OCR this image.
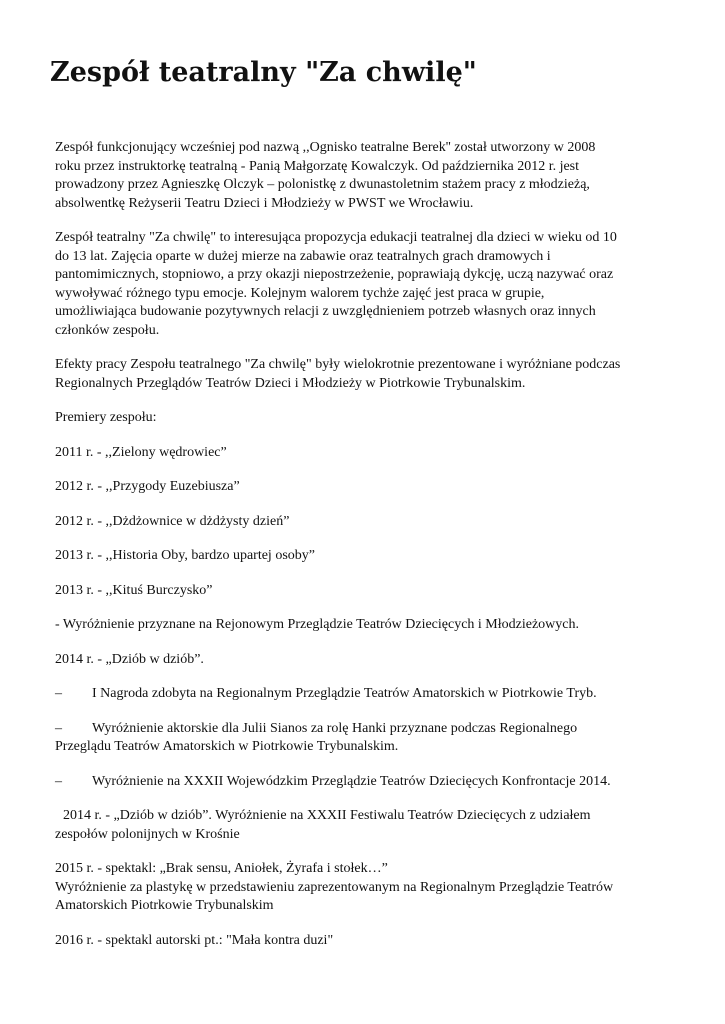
Zespół teatralny "Za chwilę"

Zespół funkcjonujący wcześniej pod nazwą ,,Ognisko teatralne Berek'' został utworzony w 2008
roku przez instruktorkę teatralną - Panią Małgorzatę Kowalczyk. Od października 2012 r. jest
prowadzony przez Agnieszkę Olczyk – polonistkę z dwunastoletnim stażem pracy z młodzieżą,
absolwentkę Reżyserii Teatru Dzieci i Młodzieży w PWST we Wrocławiu.

Zespół teatralny "Za chwilę" to interesująca propozycja edukacji teatralnej dla dzieci w wieku od 10
do 13 lat. Zajęcia oparte w dużej mierze na zabawie oraz teatralnych grach dramowych i
pantomimicznych, stopniowo, a przy okazji niepostrzeżenie, poprawiają dykcję, uczą nazywać oraz
wywoływać różnego typu emocje. Kolejnym walorem tychże zajęć jest praca w grupie,
umożliwiająca budowanie pozytywnych relacji z uwzględnieniem potrzeb własnych oraz innych
członków zespołu.

Efekty pracy Zespołu teatralnego "Za chwilę" były wielokrotnie prezentowane i wyróżniane podczas
Regionalnych Przeglądów Teatrów Dzieci i Młodzieży w Piotrkowie Trybunalskim.

Premiery zespołu:

2011 r. - ,,Zielony wędrowiec”

2012 r. - ,,Przygody Euzebiusza”

2012 r. - ,,Dżdżownice w dżdżysty dzień”

2013 r. - ,,Historia Oby, bardzo upartej osoby”

2013 r. - ,,Kituś Burczysko”

- Wyróżnienie przyznane na Rejonowym Przeglądzie Teatrów Dziecięcych i Młodzieżowych.

2014 r. - „Dziób w dziób”.

– I Nagroda zdobyta na Regionalnym Przeglądzie Teatrów Amatorskich w Piotrkowie Tryb.

– Wyróżnienie aktorskie dla Julii Sianos za rolę Hanki przyznane podczas Regionalnego
Przeglądu Teatrów Amatorskich w Piotrkowie Trybunalskim.

– Wyróżnienie na XXXII Wojewódzkim Przeglądzie Teatrów Dziecięcych Konfrontacje 2014.

2014 r. - „Dziób w dziób”. Wyróżnienie na XXXII Festiwalu Teatrów Dziecięcych z udziałem
zespołów polonijnych w Krośnie

2015 r. - spektakl: „Brak sensu, Aniołek, Żyrafa i stołek…”
Wyróżnienie za plastykę w przedstawieniu zaprezentowanym na Regionalnym Przeglądzie Teatrów
Amatorskich Piotrkowie Trybunalskim

2016 r. - spektakl autorski pt.: "Mała kontra duzi"
